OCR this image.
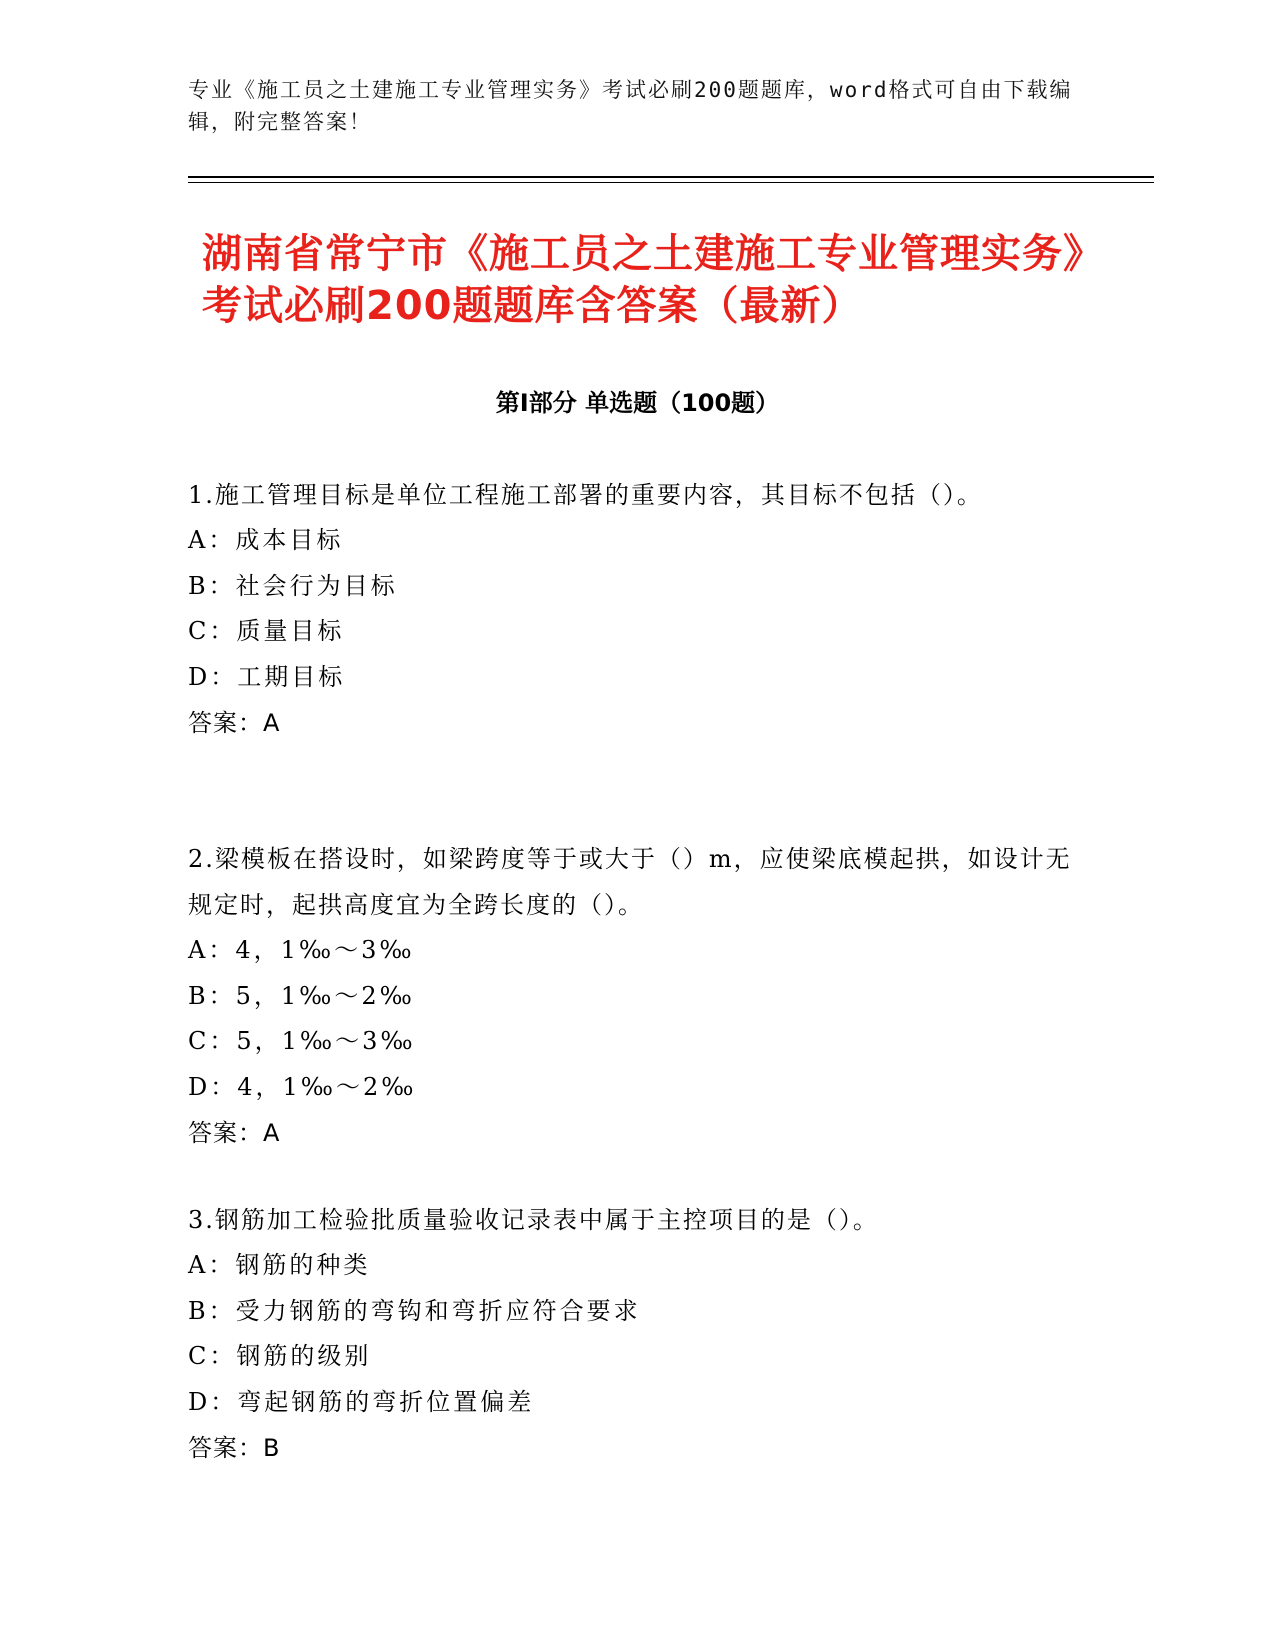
专业《施工员之土建施工专业管理实务》考试必刷200题题库，word格式可自由下载编辑，附完整答案！
湖南省常宁市《施工员之土建施工专业管理实务》考试必刷200题题库含答案（最新）
第Ⅰ部分 单选题（100题）

1.施工管理目标是单位工程施工部署的重要内容，其目标不包括（）。

A：成本目标

B：社会行为目标

C：质量目标

D：工期目标

答案：A

2.梁模板在搭设时，如梁跨度等于或大于（）m，应使梁底模起拱，如设计无规定时，起拱高度宜为全跨长度的（）。

A：4，1‰～3‰

B：5，1‰～2‰

C：5，1‰～3‰

D：4，1‰～2‰

答案：A

3.钢筋加工检验批质量验收记录表中属于主控项目的是（）。

A：钢筋的种类

B：受力钢筋的弯钩和弯折应符合要求

C：钢筋的级别

D：弯起钢筋的弯折位置偏差

答案：B
